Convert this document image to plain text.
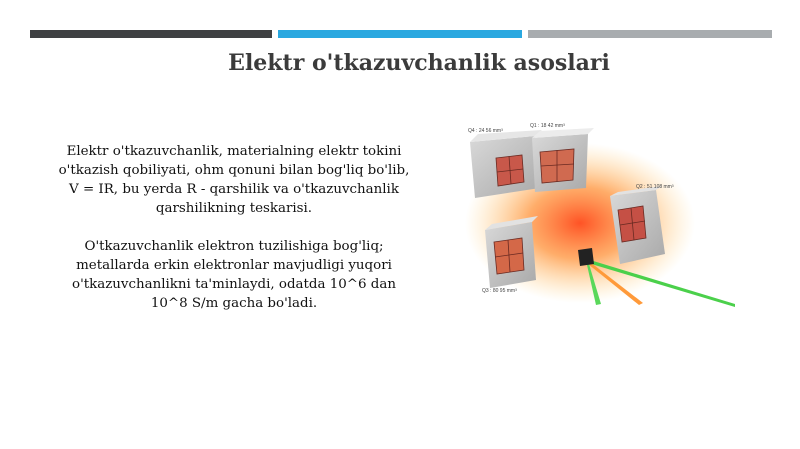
Elektr o'tkazuvchanlik asoslari

Elektr o'tkazuvchanlik, materialning elektr tokini o'tkazish qobiliyati, ohm qonuni bilan bog'liq bo'lib, V = IR, bu yerda R - qarshilik va o'tkazuvchanlik qarshilikning teskarisi.

O'tkazuvchanlik elektron tuzilishiga bog'liq; metallarda erkin elektronlar mavjudligi yuqori o'tkazuvchanlikni ta'minlaydi, odatda 10^6 dan 10^8 S/m gacha bo'ladi.

Q4 : 24 56 mm³
Q1 : 18 42 mm³
Q2 : 51 108 mm³
Q3 : 80 95 mm³
